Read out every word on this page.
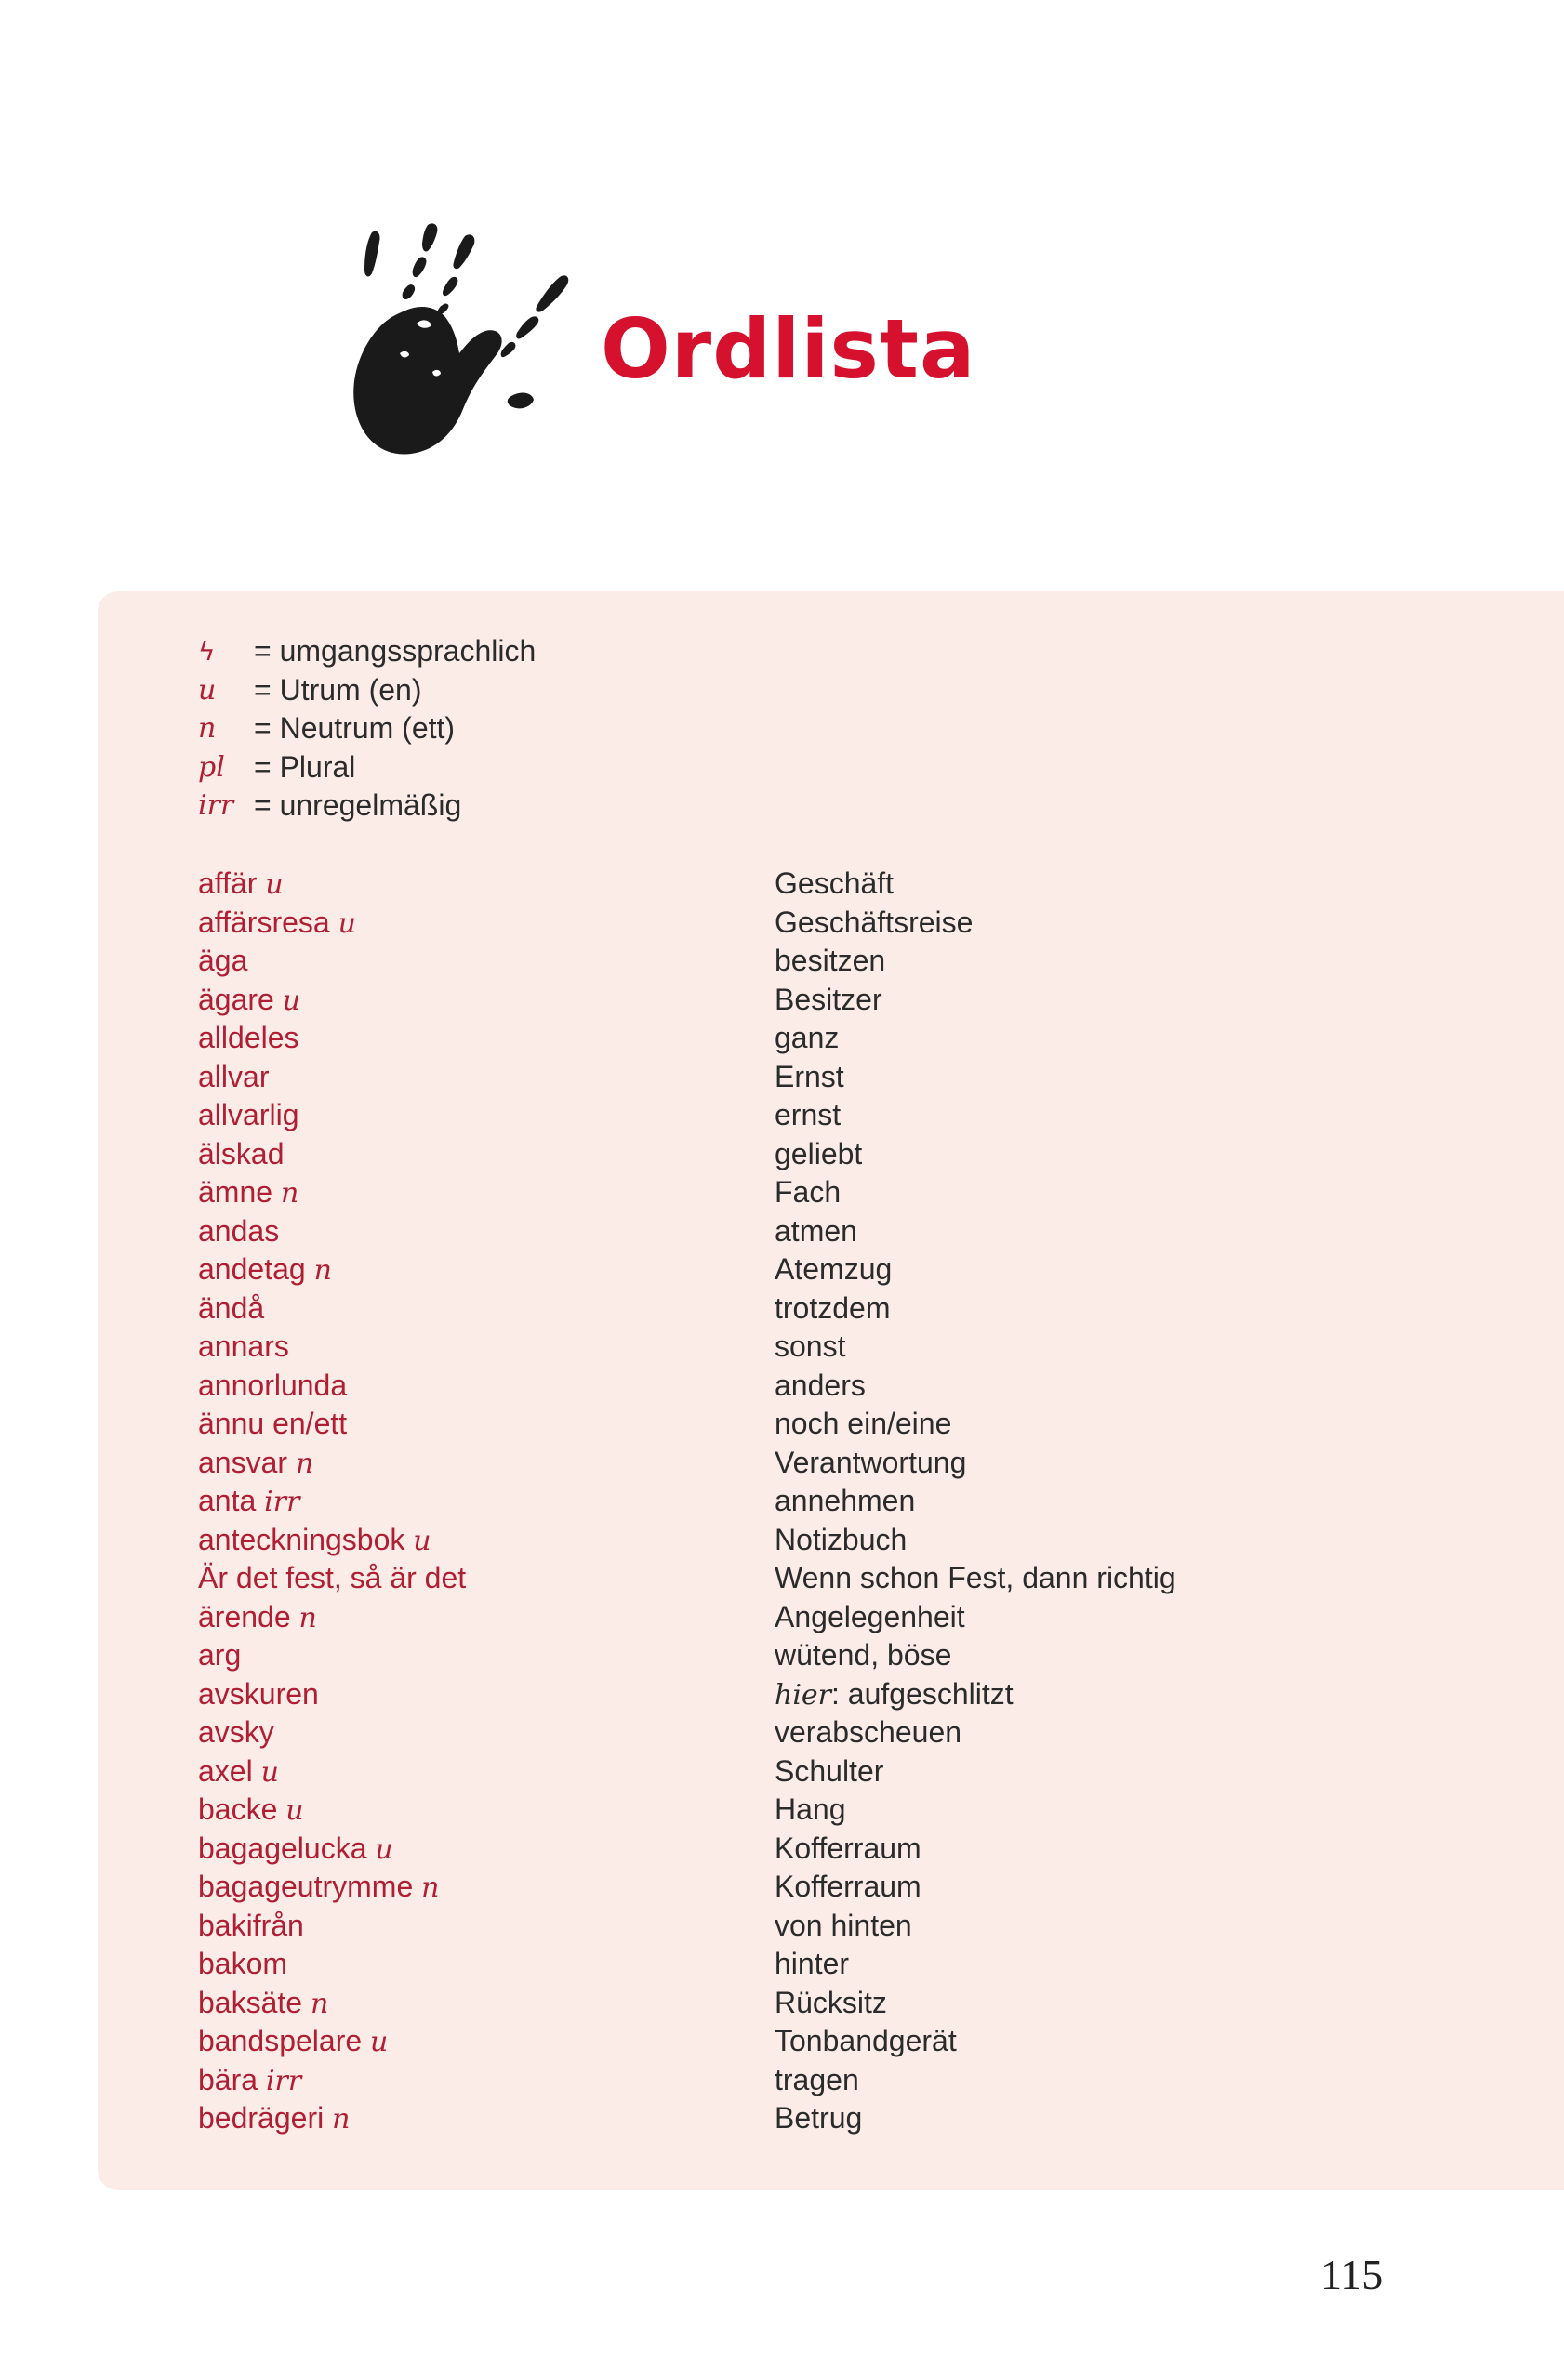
Ordlista
ϟ	= umgangssprachlich
u	= Utrum (en)
n	= Neutrum (ett)
pl = Plural
irr = unregelmäßig
affär u	Geschäft
affärsresa u	Geschäftsreise
äga	besitzen
ägare u	Besitzer
alldeles	ganz
allvar	Ernst
allvarlig	ernst
älskad	geliebt
ämne n	Fach
andas	atmen
andetag n	Atemzug
ändå	trotzdem
annars	sonst
annorlunda	anders
ännu en/ett	noch ein/eine
ansvar n	Verantwortung
anta irr	annehmen
anteckningsbok u	Notizbuch
Är det fest, så är det	Wenn schon Fest, dann richtig
ärende n	Angelegenheit
arg	wütend, böse
avskuren	hier: aufgeschlitzt
avsky	verabscheuen
axel u	Schulter
backe u	Hang
bagagelucka u	Kofferraum
bagageutrymme n	Kofferraum
bakifrån	von hinten
bakom	hinter
baksäte n	Rücksitz
bandspelare u	Tonbandgerät
bära irr	tragen
bedrägeri n	Betrug
115
